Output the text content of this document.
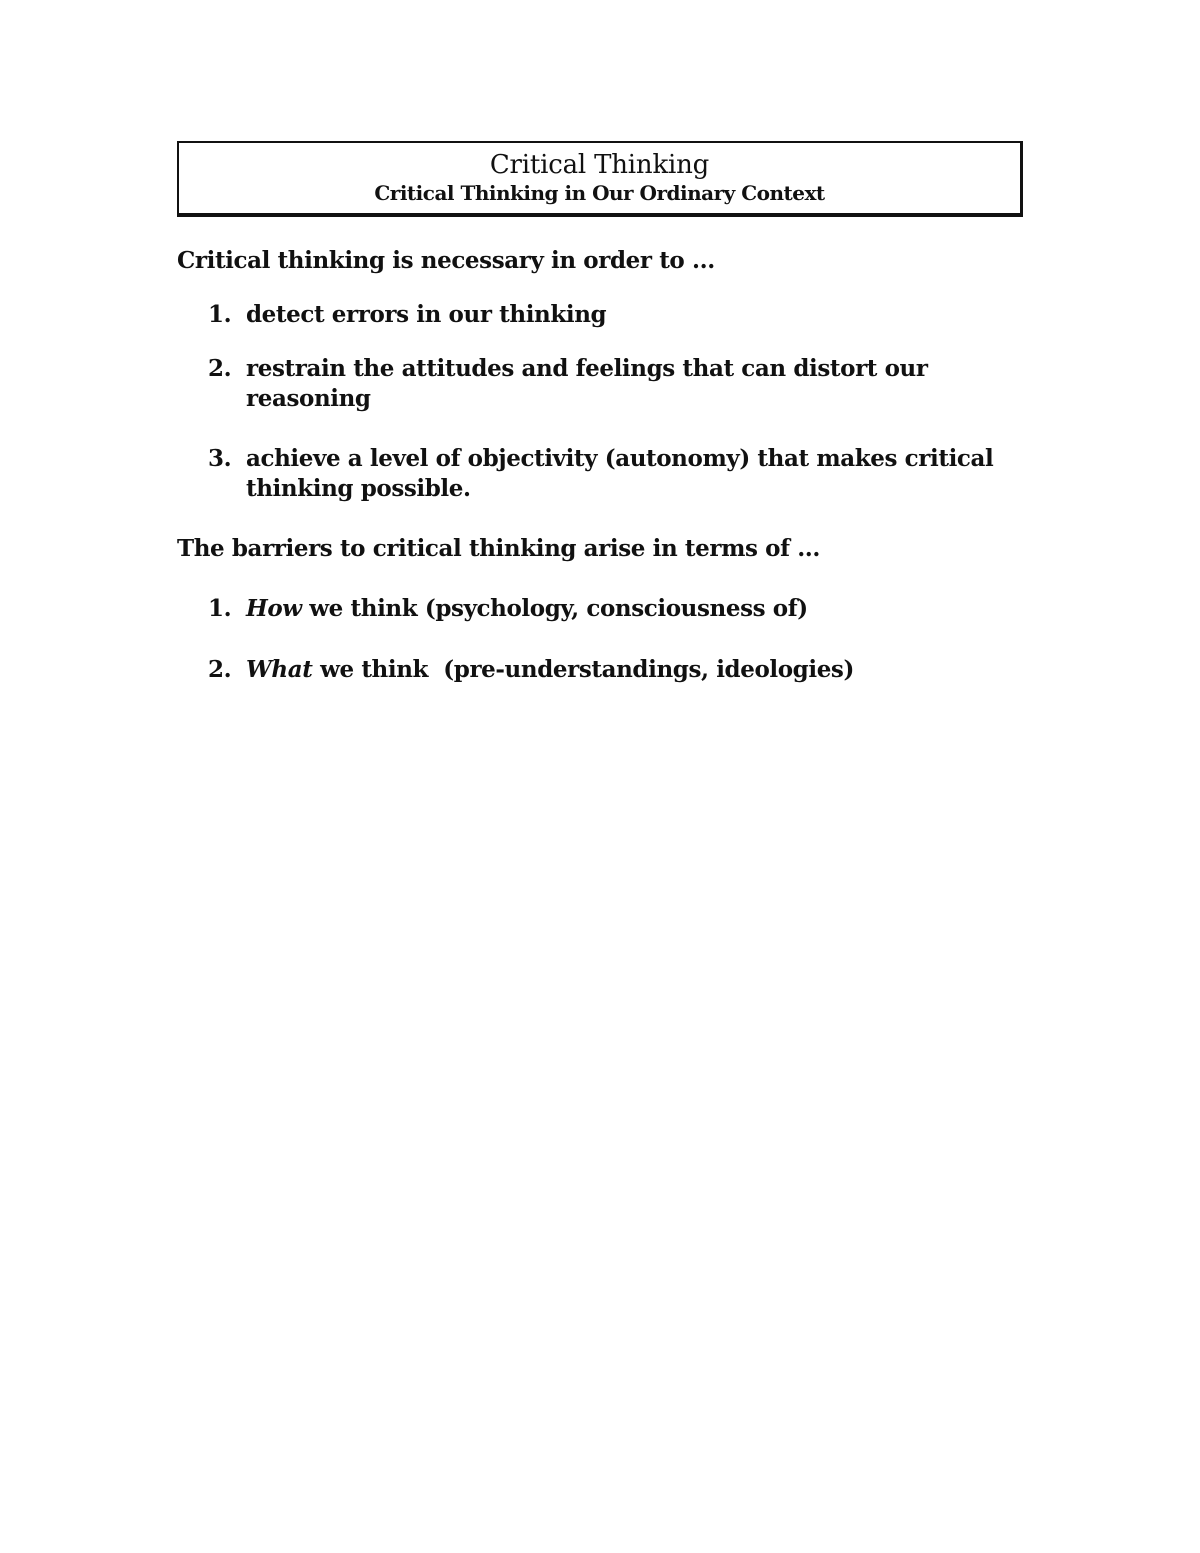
Critical Thinking
Critical Thinking in Our Ordinary Context

Critical thinking is necessary in order to ...

1. detect errors in our thinking
2. restrain the attitudes and feelings that can distort our reasoning
3. achieve a level of objectivity (autonomy) that makes critical thinking possible.

The barriers to critical thinking arise in terms of ...

1. How we think (psychology, consciousness of)
2. What we think  (pre-understandings, ideologies)
